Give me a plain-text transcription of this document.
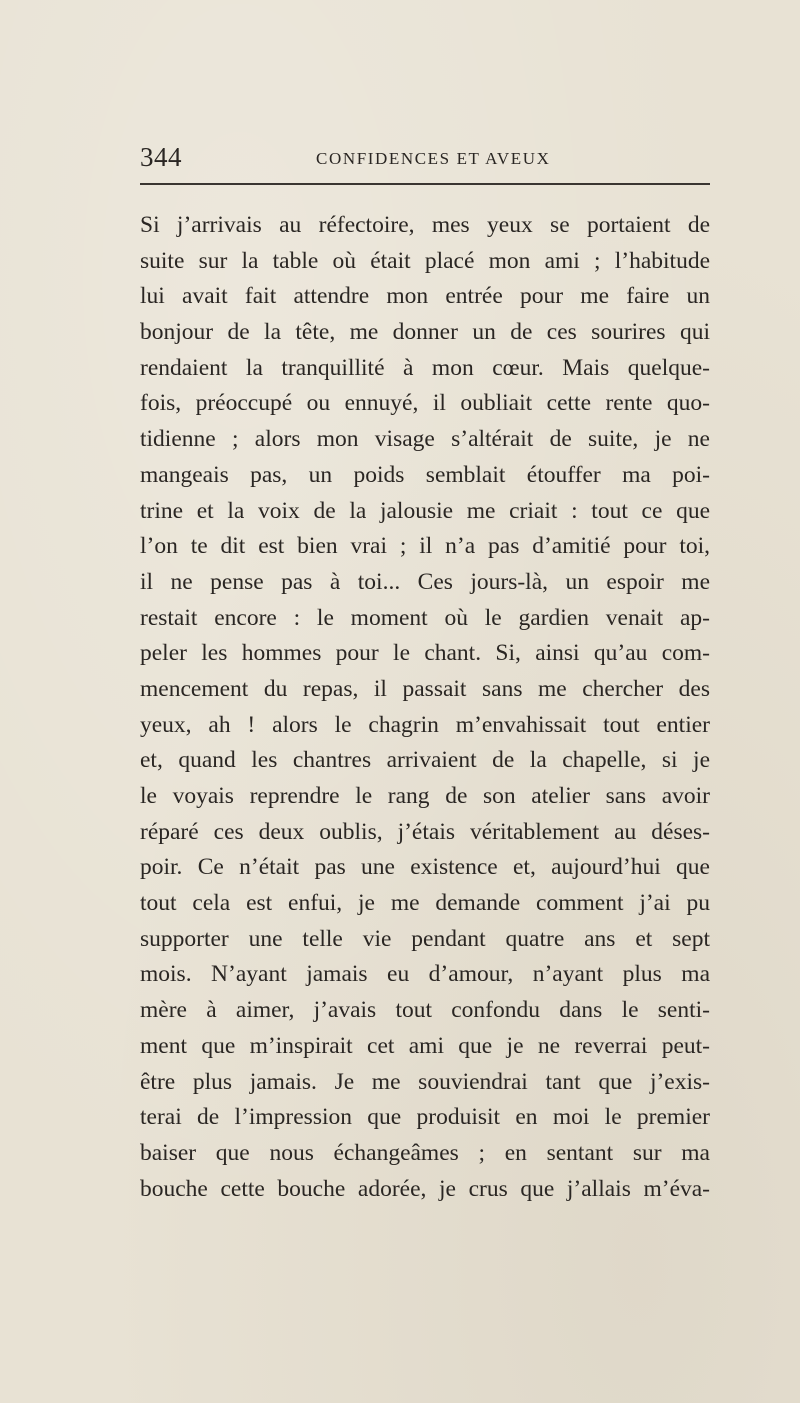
344	CONFIDENCES ET AVEUX
Si j’arrivais au réfectoire, mes yeux se portaient de
suite sur la table où était placé mon ami ; l’habitude
lui avait fait attendre mon entrée pour me faire un
bonjour de la tête, me donner un de ces sourires qui
rendaient la tranquillité à mon cœur. Mais quelque-
fois, préoccupé ou ennuyé, il oubliait cette rente quo-
tidienne ; alors mon visage s’altérait de suite, je ne
mangeais pas, un poids semblait étouffer ma poi-
trine et la voix de la jalousie me criait : tout ce que
l’on te dit est bien vrai ; il n’a pas d’amitié pour toi,
il ne pense pas à toi... Ces jours-là, un espoir me
restait encore : le moment où le gardien venait ap-
peler les hommes pour le chant. Si, ainsi qu’au com-
mencement du repas, il passait sans me chercher des
yeux, ah ! alors le chagrin m’envahissait tout entier
et, quand les chantres arrivaient de la chapelle, si je
le voyais reprendre le rang de son atelier sans avoir
réparé ces deux oublis, j’étais véritablement au déses-
poir. Ce n’était pas une existence et, aujourd’hui que
tout cela est enfui, je me demande comment j’ai pu
supporter une telle vie pendant quatre ans et sept
mois. N’ayant jamais eu d’amour, n’ayant plus ma
mère à aimer, j’avais tout confondu dans le senti-
ment que m’inspirait cet ami que je ne reverrai peut-
être plus jamais. Je me souviendrai tant que j’exis-
terai de l’impression que produisit en moi le premier
baiser que nous échangeâmes ; en sentant sur ma
bouche cette bouche adorée, je crus que j’allais m’éva-
